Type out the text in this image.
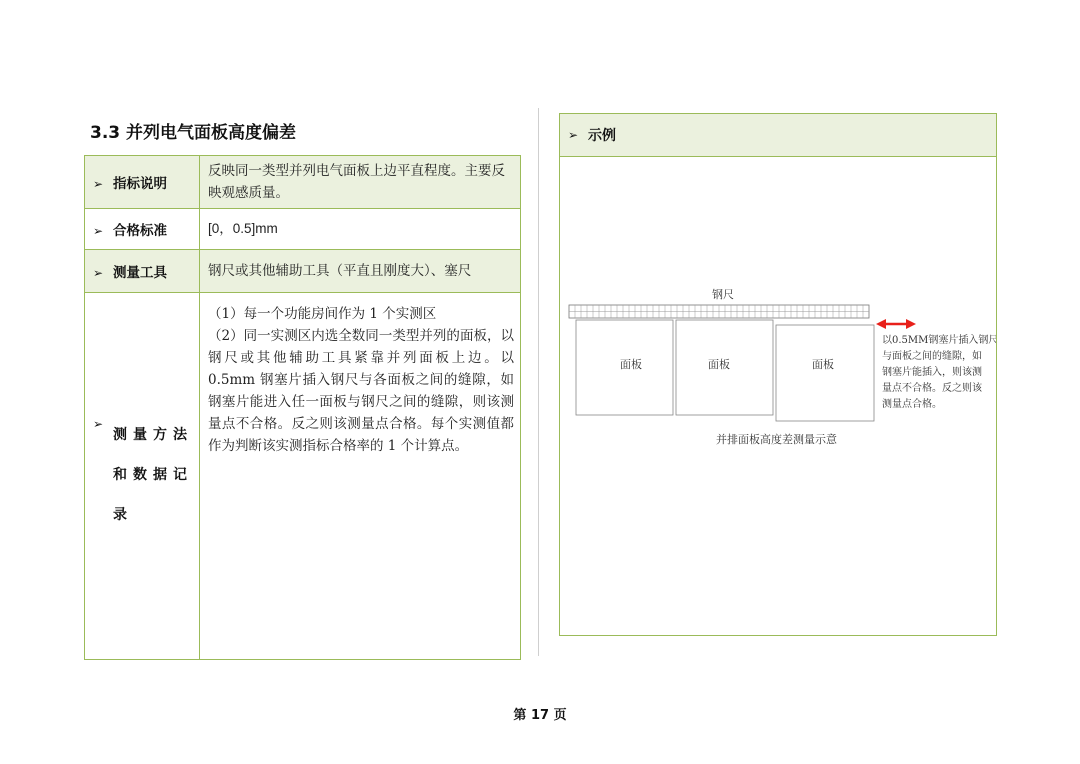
3.3 并列电气面板高度偏差
➢ 指标说明	反映同一类型并列电气面板上边平直程度。主要反映观感质量。
➢ 合格标准	[0，0.5]mm
➢ 测量工具	钢尺或其他辅助工具（平直且刚度大）、塞尺

➢
测量方法和数据记录	（1）每一个功能房间作为 1 个实测区
（2）同一实测区内选全数同一类型并列的面板，以钢尺或其他辅助工具紧靠并列面板上边。以 0.5mm 钢塞片插入钢尺与各面板之间的缝隙，如钢塞片能进入任一面板与钢尺之间的缝隙，则该测量点不合格。反之则该测量点合格。每个实测值都作为判断该实测指标合格率的 1 个计算点。
➢ 示例
钢尺
面板	面板	面板
以0.5MM钢塞片插入钢尺
与面板之间的缝隙，如
钢塞片能插入，则该测
量点不合格。反之则该
测量点合格。
并排面板高度差测量示意
第 17 页
